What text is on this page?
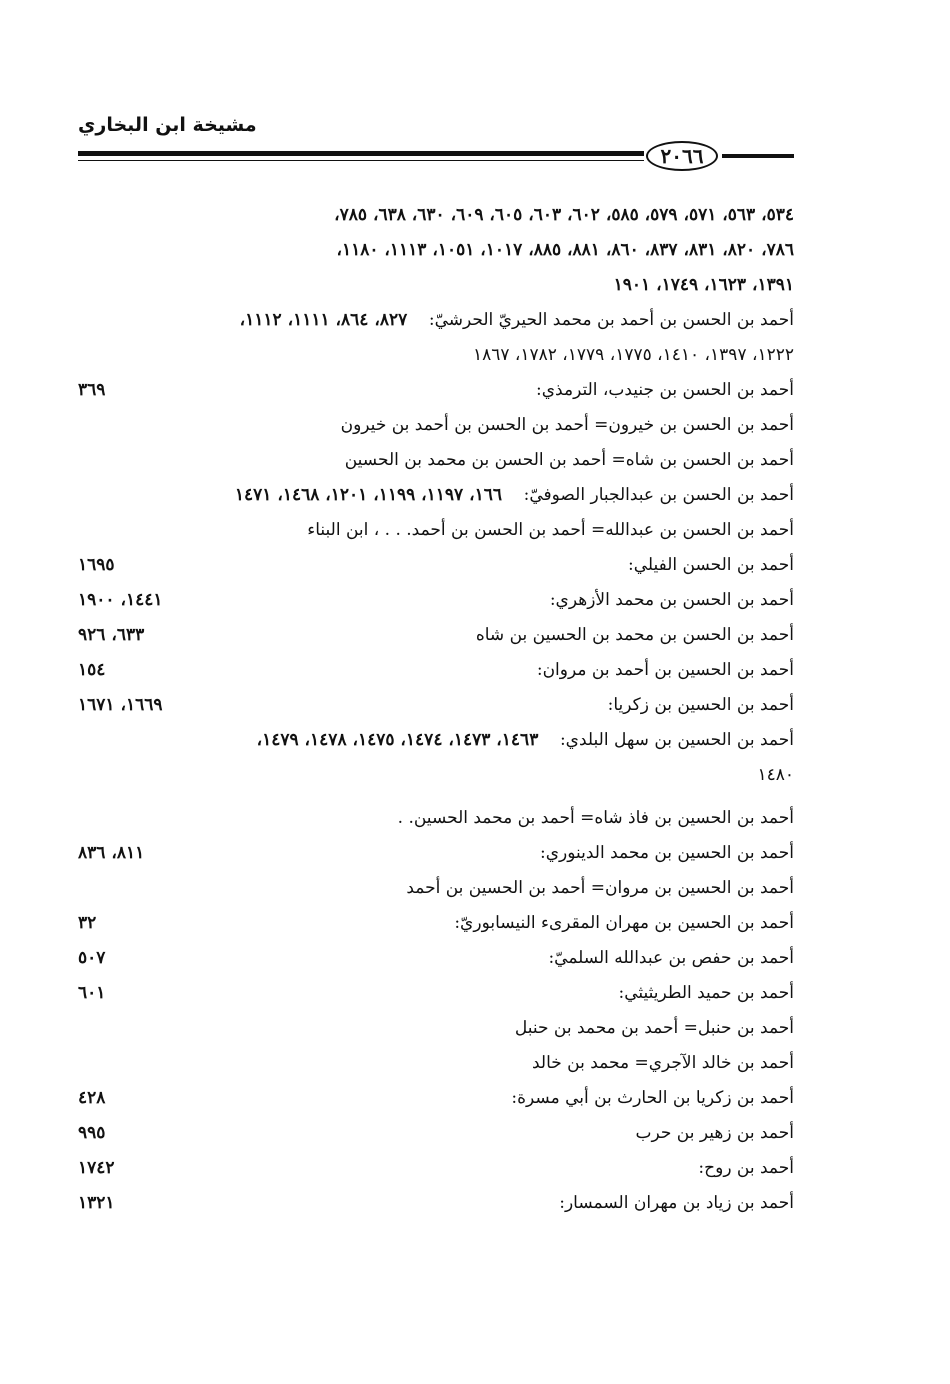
مشيخة ابن البخاري
٢٠٦٦
٥٣٤، ٥٦٣، ٥٧١، ٥٧٩، ٥٨٥، ٦٠٢، ٦٠٣، ٦٠٥، ٦٠٩، ٦٣٠، ٦٣٨، ٧٨٥،
٧٨٦، ٨٢٠، ٨٣١، ٨٣٧، ٨٦٠، ٨٨١، ٨٨٥، ١٠١٧، ١٠٥١، ١١١٣، ١١٨٠،
١٣٩١، ١٦٢٣، ١٧٤٩، ١٩٠١
أحمد بن الحسن بن أحمد بن محمد الحيريّ الحرشيّ:    ٨٢٧، ٨٦٤، ١١١١، ١١١٢،
١٢٢٢، ١٣٩٧، ١٤١٠، ١٧٧٥، ١٧٧٩، ١٧٨٢، ١٨٦٧
أحمد بن الحسن بن جنيدب، الترمذي:
٣٦٩
أحمد بن الحسن بن خيرون= أحمد بن الحسن بن أحمد بن خيرون
أحمد بن الحسن بن شاه= أحمد بن الحسن بن محمد بن الحسين
أحمد بن الحسن بن عبدالجبار الصوفيّ:    ١٦٦، ١١٩٧، ١١٩٩، ١٢٠١، ١٤٦٨، ١٤٧١
أحمد بن الحسن بن عبدالله= أحمد بن الحسن بن أحمد. . . ، ابن البناء
أحمد بن الحسن الفيلي:
١٦٩٥
أحمد بن الحسن بن محمد الأزهري:
١٤٤١، ١٩٠٠
أحمد بن الحسن بن محمد بن الحسين بن شاه
٦٣٣، ٩٢٦
أحمد بن الحسين بن أحمد بن مروان:
١٥٤
أحمد بن الحسين بن زكريا:
١٦٦٩، ١٦٧١
أحمد بن الحسين بن سهل البلدي:    ١٤٦٣، ١٤٧٣، ١٤٧٤، ١٤٧٥، ١٤٧٨، ١٤٧٩،
١٤٨٠
أحمد بن الحسين بن فاذ شاه= أحمد بن محمد الحسين. .
أحمد بن الحسين بن محمد الدينوري:
٨١١، ٨٣٦
أحمد بن الحسين بن مروان= أحمد بن الحسين بن أحمد
أحمد بن الحسين بن مهران المقرىء النيسابوريّ:
٣٢
أحمد بن حفص بن عبدالله السلميّ:
٥٠٧
أحمد بن حميد الطريثيثي:
٦٠١
أحمد بن حنبل= أحمد بن محمد بن حنبل
أحمد بن خالد الآجري= محمد بن خالد
أحمد بن زكريا بن الحارث بن أبي مسرة:
٤٢٨
أحمد بن زهير بن حرب
٩٩٥
أحمد بن روح:
١٧٤٢
أحمد بن زياد بن مهران السمسار:
١٣٢١
